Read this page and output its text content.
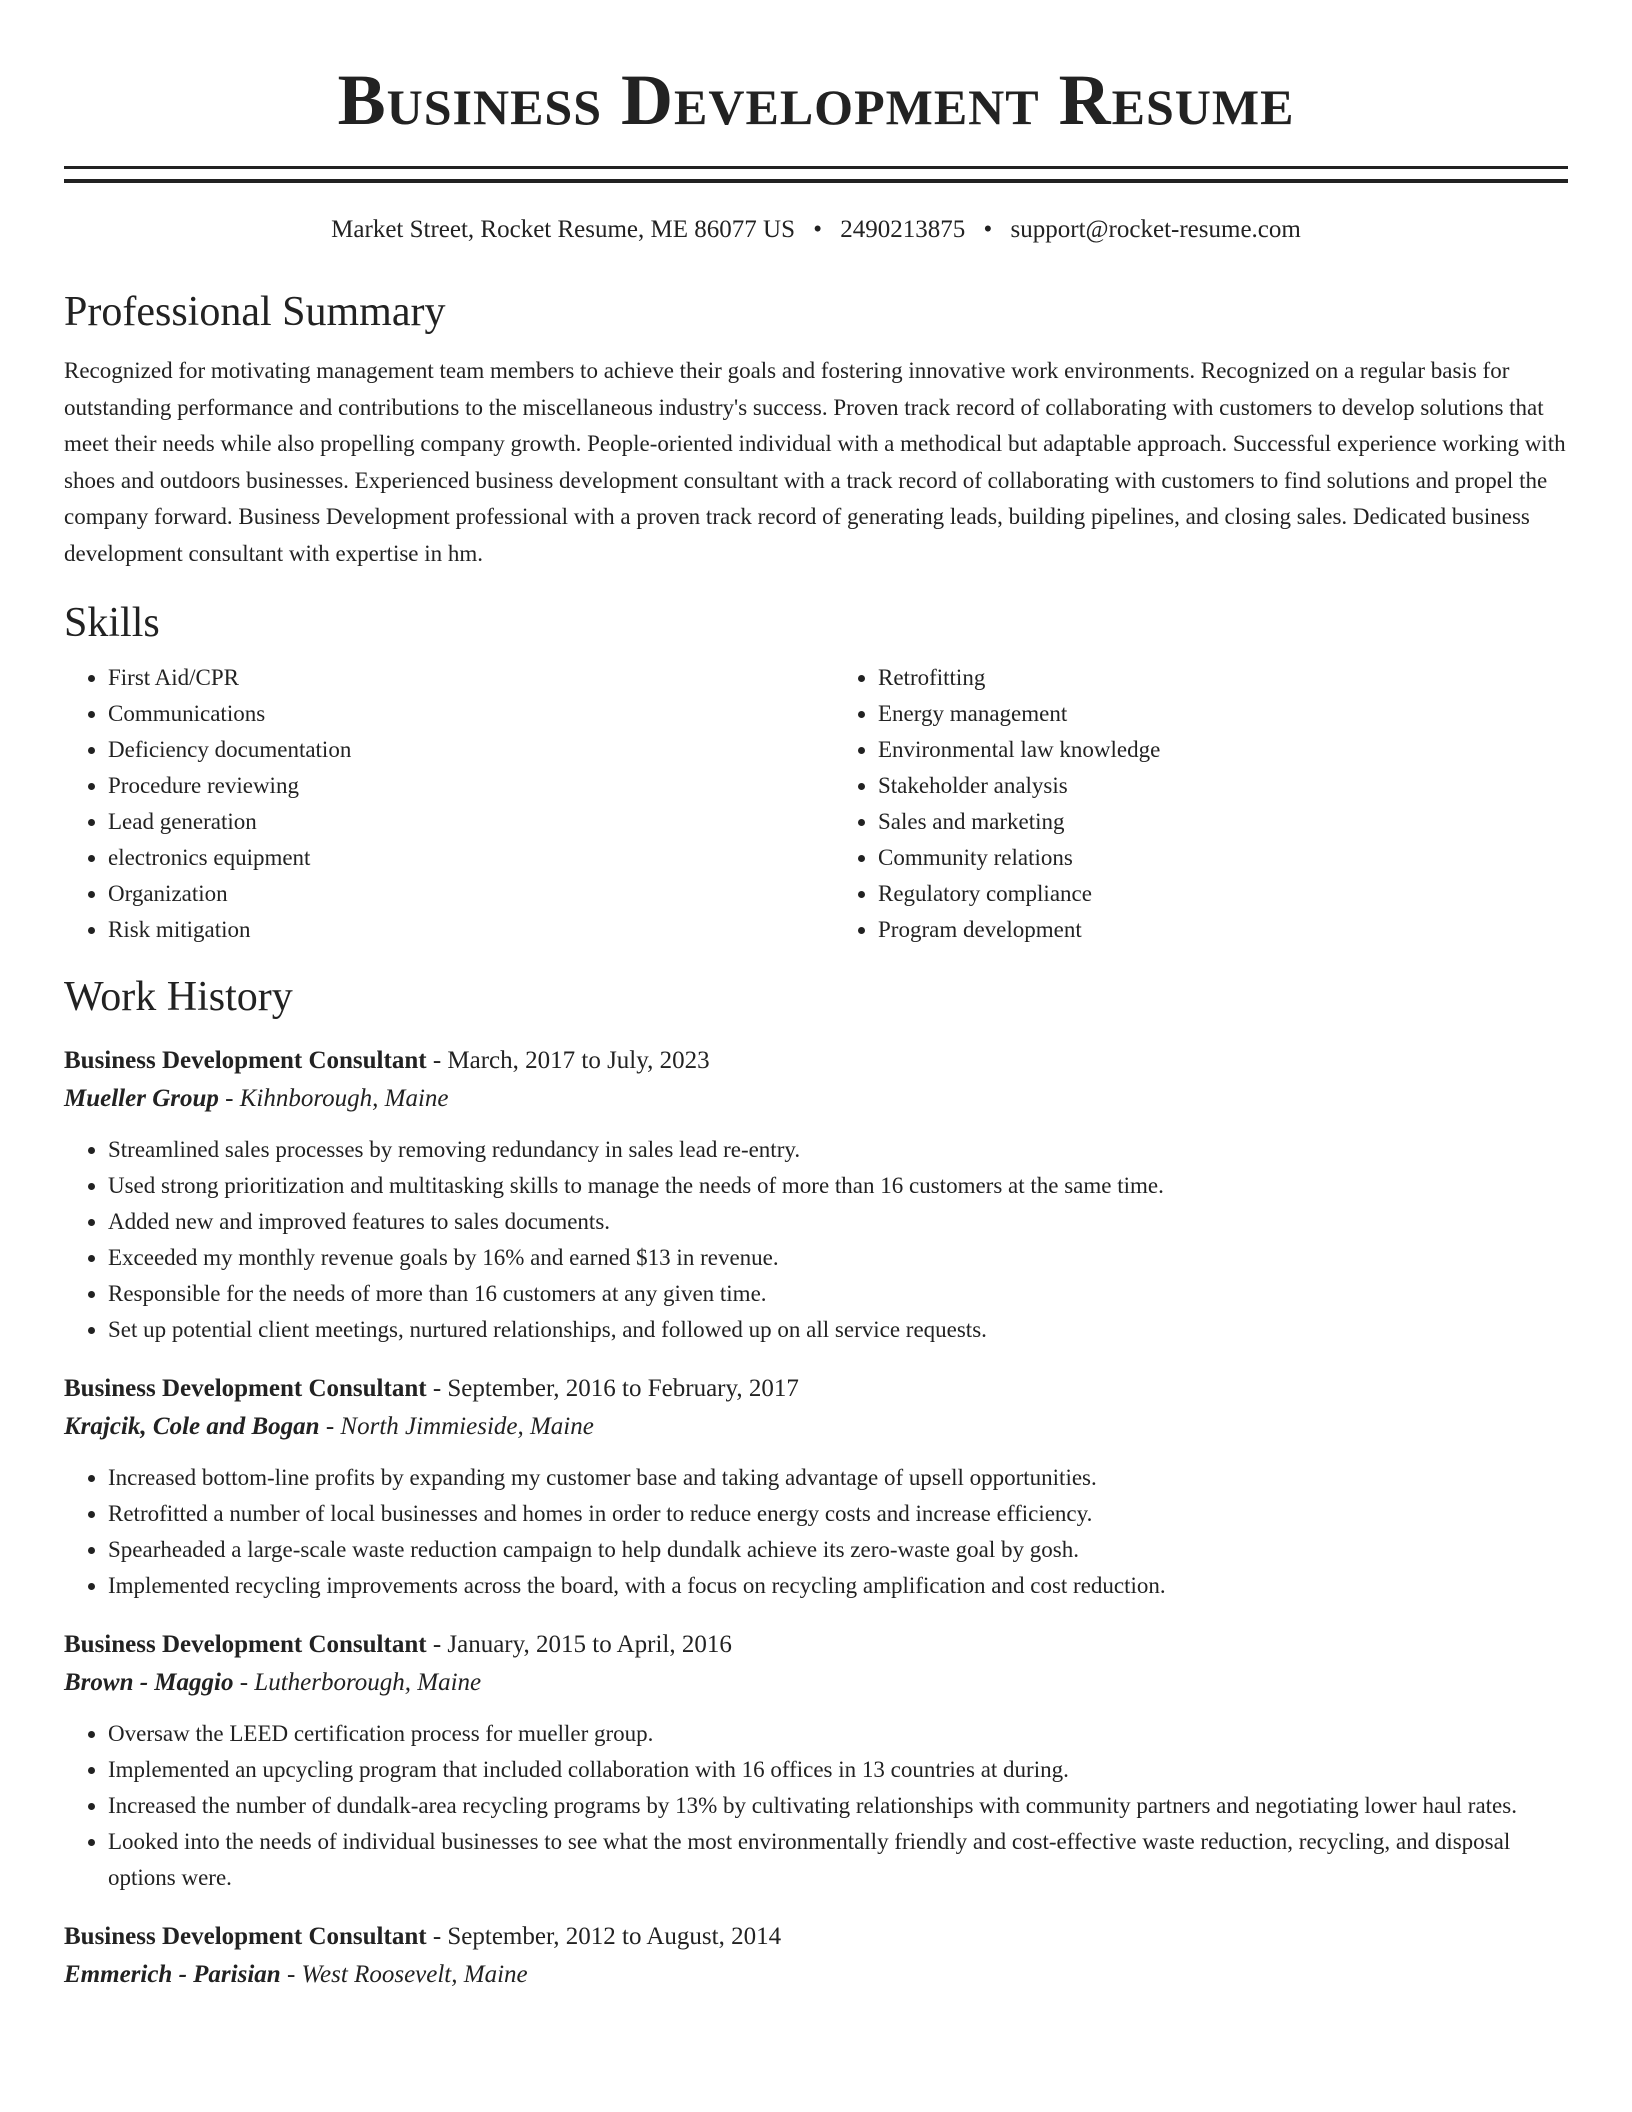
Business Development Resume
Market Street, Rocket Resume, ME 86077 US • 2490213875 • support@rocket-resume.com
Professional Summary

Recognized for motivating management team members to achieve their goals and fostering innovative work environments. Recognized on a regular basis for outstanding performance and contributions to the miscellaneous industry's success. Proven track record of collaborating with customers to develop solutions that meet their needs while also propelling company growth. People-oriented individual with a methodical but adaptable approach. Successful experience working with shoes and outdoors businesses. Experienced business development consultant with a track record of collaborating with customers to find solutions and propel the company forward. Business Development professional with a proven track record of generating leads, building pipelines, and closing sales. Dedicated business development consultant with expertise in hm.

Skills
• First Aid/CPR
• Communications
• Deficiency documentation
• Procedure reviewing
• Lead generation
• electronics equipment
• Organization
• Risk mitigation
• Retrofitting
• Energy management
• Environmental law knowledge
• Stakeholder analysis
• Sales and marketing
• Community relations
• Regulatory compliance
• Program development
Work History
Business Development Consultant - March, 2017 to July, 2023
Mueller Group - Kihnborough, Maine
• Streamlined sales processes by removing redundancy in sales lead re-entry.
• Used strong prioritization and multitasking skills to manage the needs of more than 16 customers at the same time.
• Added new and improved features to sales documents.
• Exceeded my monthly revenue goals by 16% and earned $13 in revenue.
• Responsible for the needs of more than 16 customers at any given time.
• Set up potential client meetings, nurtured relationships, and followed up on all service requests.
Business Development Consultant - September, 2016 to February, 2017
Krajcik, Cole and Bogan - North Jimmieside, Maine
• Increased bottom-line profits by expanding my customer base and taking advantage of upsell opportunities.
• Retrofitted a number of local businesses and homes in order to reduce energy costs and increase efficiency.
• Spearheaded a large-scale waste reduction campaign to help dundalk achieve its zero-waste goal by gosh.
• Implemented recycling improvements across the board, with a focus on recycling amplification and cost reduction.
Business Development Consultant - January, 2015 to April, 2016
Brown - Maggio - Lutherborough, Maine
• Oversaw the LEED certification process for mueller group.
• Implemented an upcycling program that included collaboration with 16 offices in 13 countries at during.
• Increased the number of dundalk-area recycling programs by 13% by cultivating relationships with community partners and negotiating lower haul rates.
• Looked into the needs of individual businesses to see what the most environmentally friendly and cost-effective waste reduction, recycling, and disposal options were.
Business Development Consultant - September, 2012 to August, 2014
Emmerich - Parisian - West Roosevelt, Maine
